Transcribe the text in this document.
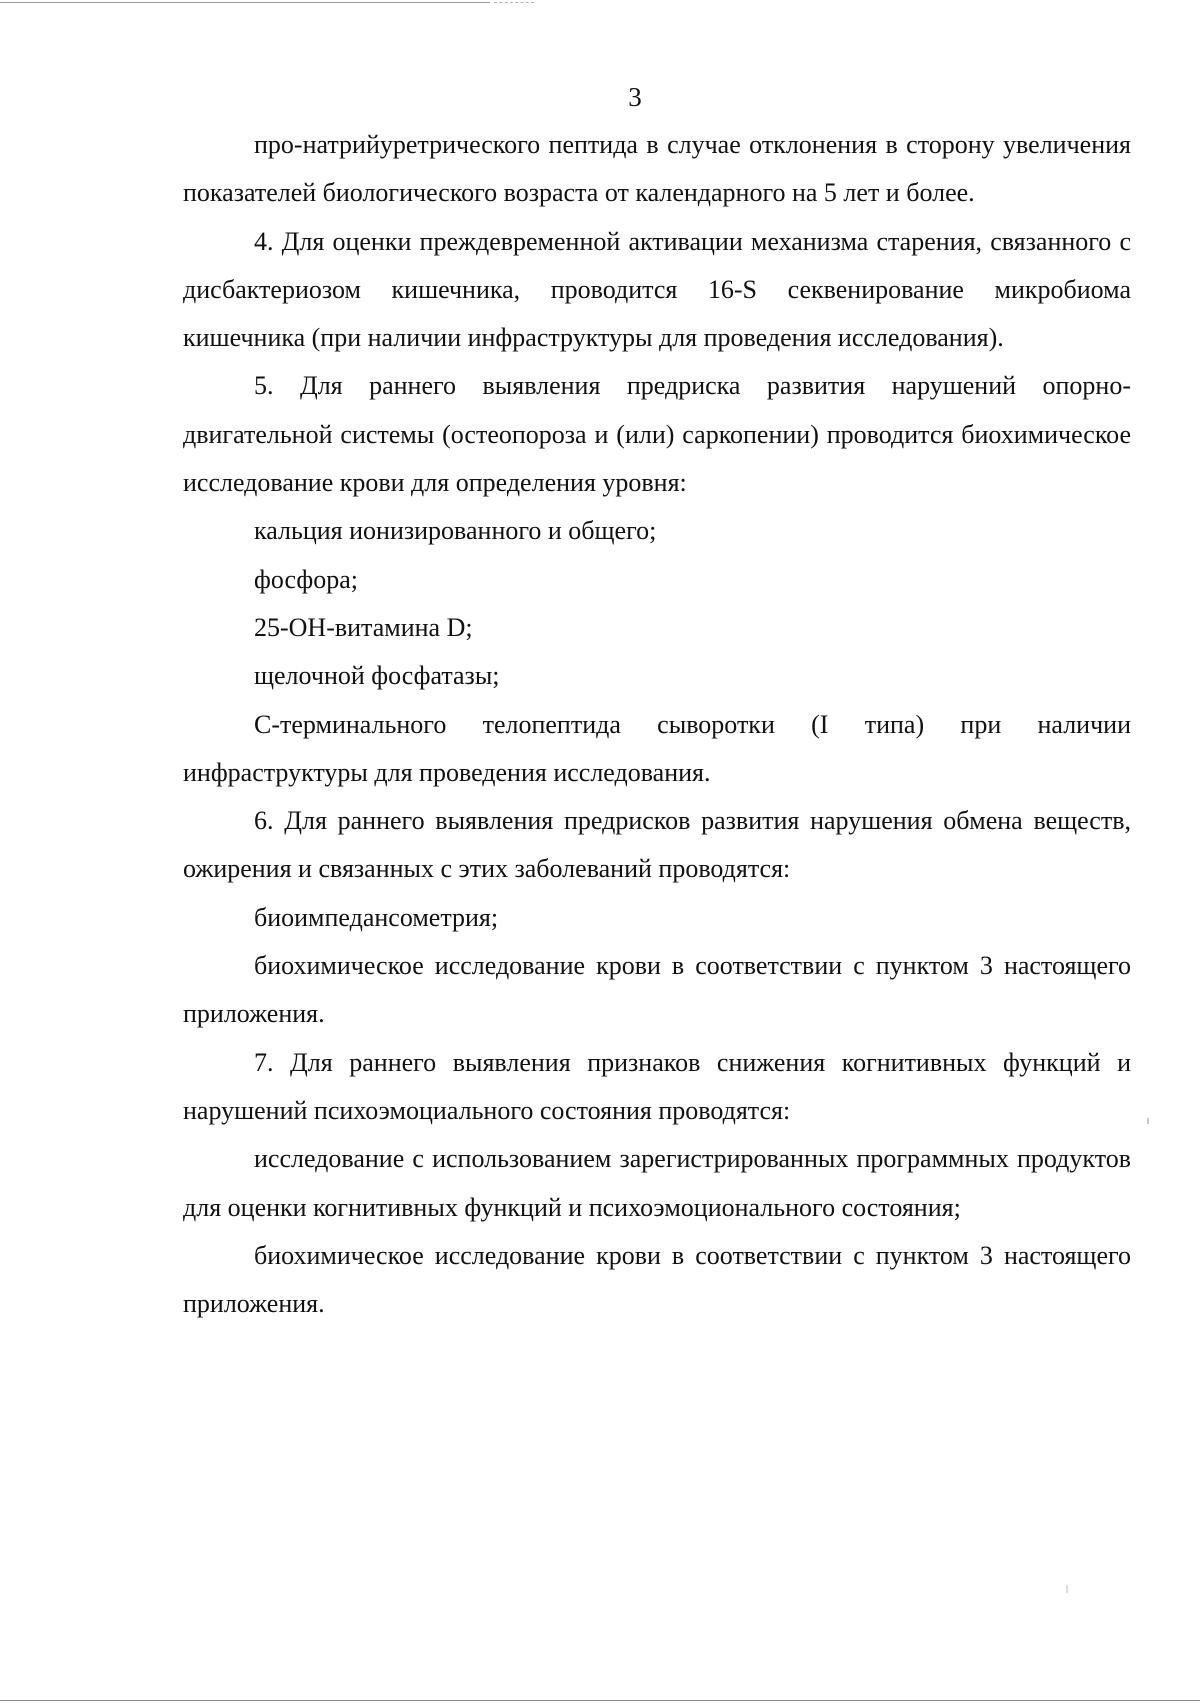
3

про-натрийуретрического пептида в случае отклонения в сторону увеличения показателей биологического возраста от календарного на 5 лет и более.

4. Для оценки преждевременной активации механизма старения, связанного с дисбактериозом кишечника, проводится 16-S секвенирование микробиома кишечника (при наличии инфраструктуры для проведения исследования).

5. Для раннего выявления предриска развития нарушений опорно-двигательной системы (остеопороза и (или) саркопении) проводится биохимическое исследование крови для определения уровня:

кальция ионизированного и общего;

фосфора;

25-ОН-витамина D;

щелочной фосфатазы;

С-терминального телопептида сыворотки (I типа) при наличии инфраструктуры для проведения исследования.

6. Для раннего выявления предрисков развития нарушения обмена веществ, ожирения и связанных с этих заболеваний проводятся:

биоимпедансометрия;

биохимическое исследование крови в соответствии с пунктом 3 настоящего приложения.

7. Для раннего выявления признаков снижения когнитивных функций и нарушений психоэмоциального состояния проводятся:

исследование с использованием зарегистрированных программных продуктов для оценки когнитивных функций и психоэмоционального состояния;

биохимическое исследование крови в соответствии с пунктом 3 настоящего приложения.
